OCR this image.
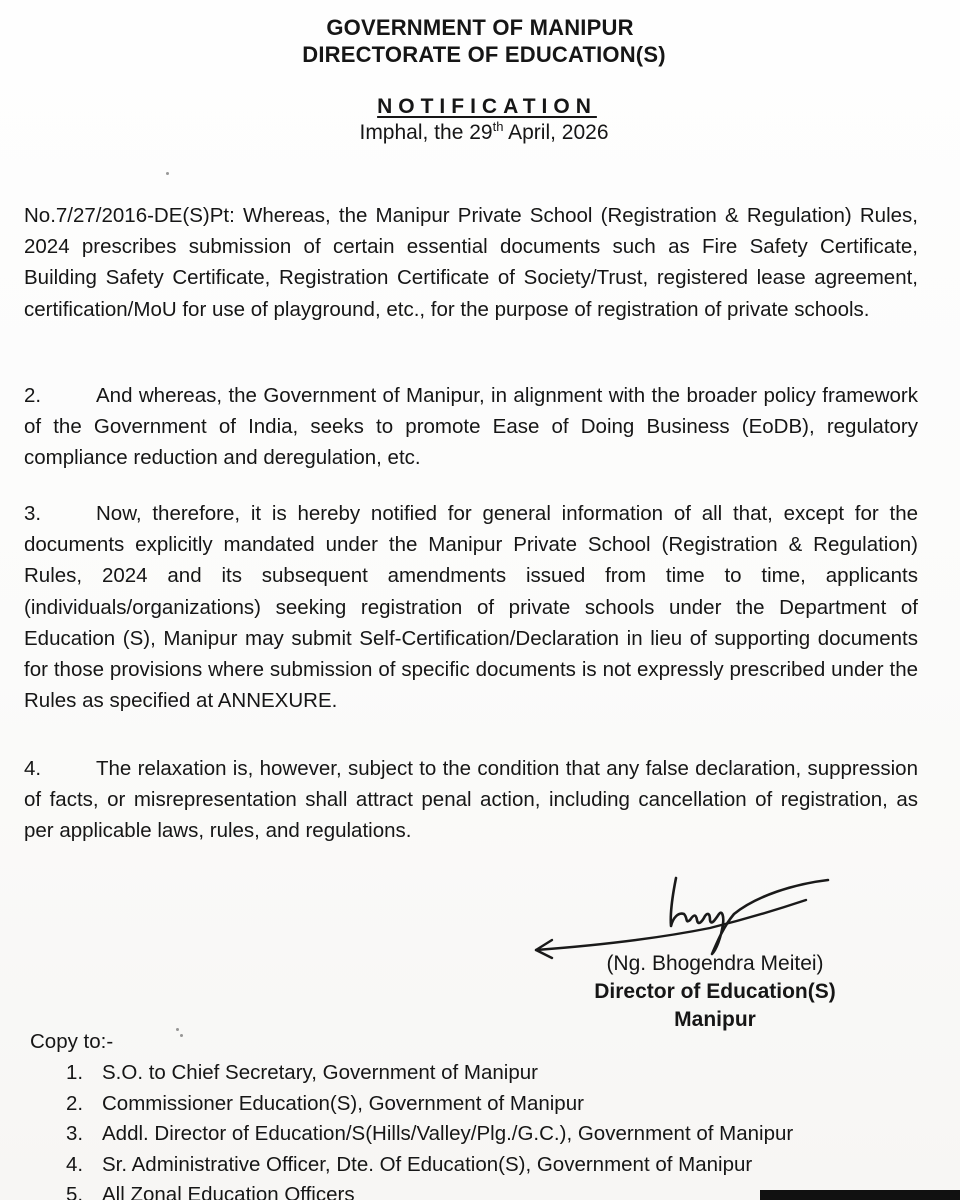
GOVERNMENT OF MANIPUR
DIRECTORATE OF EDUCATION(S)
NOTIFICATION
Imphal, the 29th April, 2026

No.7/27/2016-DE(S)Pt: Whereas, the Manipur Private School (Registration & Regulation) Rules, 2024 prescribes submission of certain essential documents such as Fire Safety Certificate, Building Safety Certificate, Registration Certificate of Society/Trust, registered lease agreement, certification/MoU for use of playground, etc., for the purpose of registration of private schools.

2.	And whereas, the Government of Manipur, in alignment with the broader policy framework of the Government of India, seeks to promote Ease of Doing Business (EoDB), regulatory compliance reduction and deregulation, etc.

3.	Now, therefore, it is hereby notified for general information of all that, except for the documents explicitly mandated under the Manipur Private School (Registration & Regulation) Rules, 2024 and its subsequent amendments issued from time to time, applicants (individuals/organizations) seeking registration of private schools under the Department of Education (S), Manipur may submit Self-Certification/Declaration in lieu of supporting documents for those provisions where submission of specific documents is not expressly prescribed under the Rules as specified at ANNEXURE.

4.	The relaxation is, however, subject to the condition that any false declaration, suppression of facts, or misrepresentation shall attract penal action, including cancellation of registration, as per applicable laws, rules, and regulations.

(Ng. Bhogendra Meitei)
Director of Education(S)
Manipur
Copy to:-
1. S.O. to Chief Secretary, Government of Manipur
2. Commissioner Education(S), Government of Manipur
3. Addl. Director of Education/S(Hills/Valley/Plg./G.C.), Government of Manipur
4. Sr. Administrative Officer, Dte. Of Education(S), Government of Manipur
5. All Zonal Education Officers
